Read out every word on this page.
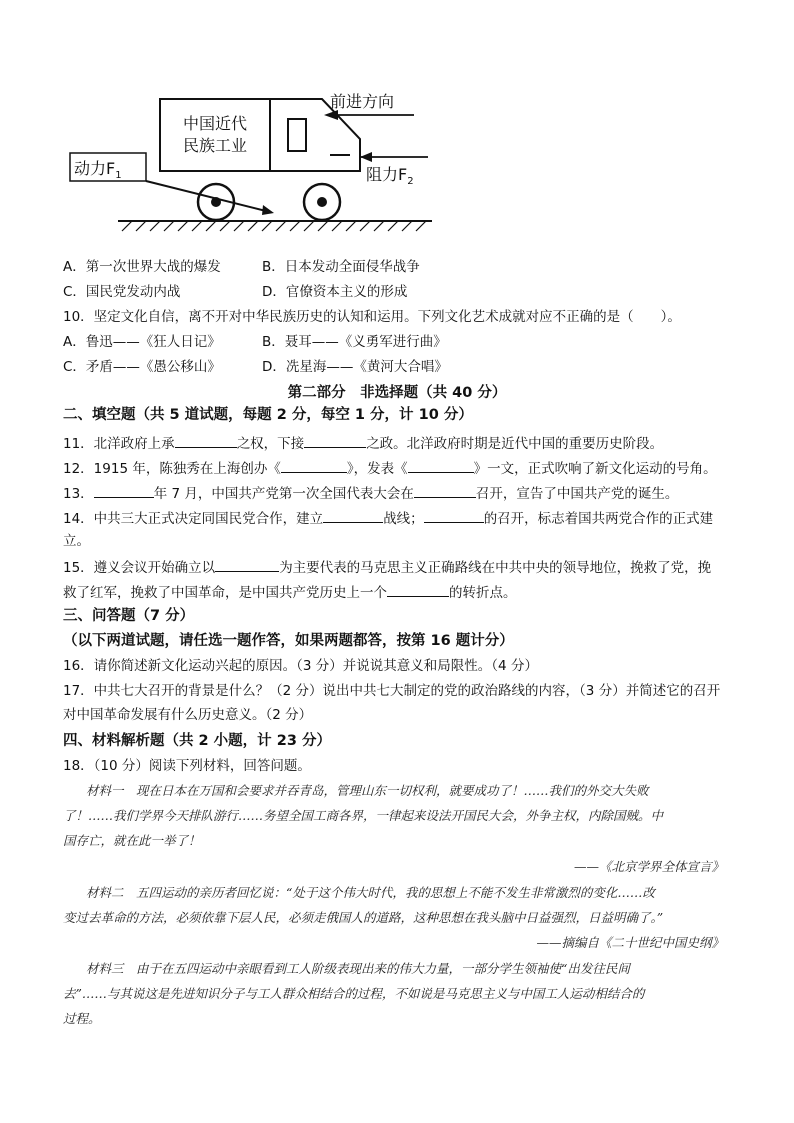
中国近代
民族工业
前进方向
动力$F_1$	阻力$F_2$
A．第一次世界大战的爆发	B．日本发动全面侵华战争
C．国民党发动内战	D．官僚资本主义的形成
10．坚定文化自信，离不开对中华民族历史的认知和运用。下列文化艺术成就对应不正确的是（　　）。
A．鲁迅——《狂人日记》	B．聂耳——《义勇军进行曲》
C．矛盾——《愚公移山》	D．冼星海——《黄河大合唱》
第二部分　非选择题（共 40 分）
二、填空题（共 5 道试题，每题 2 分，每空 1 分，计 10 分）
11．北洋政府上承	之权，下接	之政。北洋政府时期是近代中国的重要历史阶段。
12．1915 年，陈独秀在上海创办《	》，发表《	》一文，正式吹响了新文化运动的号角。
13．	年 7 月，中国共产党第一次全国代表大会在	召开，宣告了中国共产党的诞生。
14．中共三大正式决定同国民党合作，建立	战线；	的召开，标志着国共两党合作的正式建
立。
15．遵义会议开始确立以	为主要代表的马克思主义正确路线在中共中央的领导地位，挽救了党，挽
救了红军，挽救了中国革命，是中国共产党历史上一个	的转折点。
三、问答题（7 分）
（以下两道试题，请任选一题作答，如果两题都答，按第 16 题计分）
16．请你简述新文化运动兴起的原因。（3 分）并说说其意义和局限性。（4 分）
17．中共七大召开的背景是什么？（2 分）说出中共七大制定的党的政治路线的内容，（3 分）并简述它的召开
对中国革命发展有什么历史意义。（2 分）
四、材料解析题（共 2 小题，计 23 分）
18．（10 分）阅读下列材料，回答问题。
材料一　现在日本在万国和会要求并吞青岛，管理山东一切权利，就要成功了！……我们的外交大失败
了！……我们学界今天排队游行……务望全国工商各界，一律起来设法开国民大会，外争主权，内除国贼。中
国存亡，就在此一举了！
——《北京学界全体宣言》
材料二　五四运动的亲历者回忆说：“处于这个伟大时代，我的思想上不能不发生非常激烈的变化……改
变过去革命的方法，必须依靠下层人民，必须走俄国人的道路，这种思想在我头脑中日益强烈，日益明确了。”
——摘编自《二十世纪中国史纲》
材料三　由于在五四运动中亲眼看到工人阶级表现出来的伟大力量，一部分学生领袖使“出发往民间
去”……与其说这是先进知识分子与工人群众相结合的过程，不如说是马克思主义与中国工人运动相结合的
过程。
